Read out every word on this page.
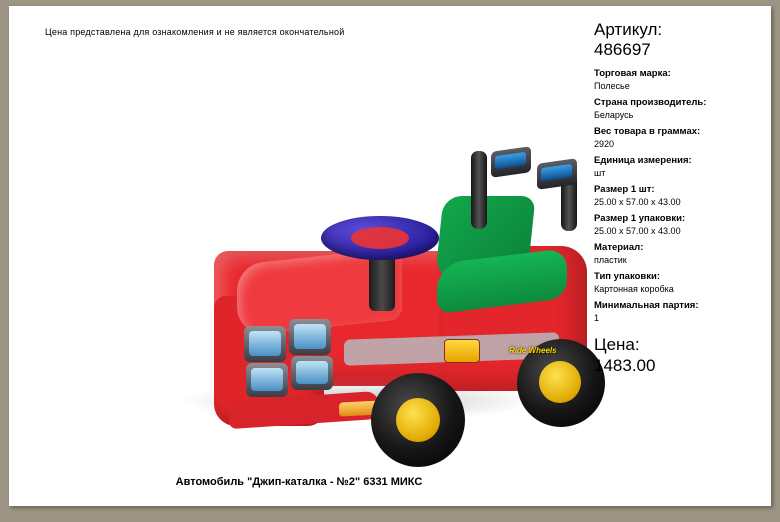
Цена представлена для ознакомления и не является окончательной
Ride Wheels
Автомобиль "Джип-каталка - №2" 6331 МИКС
Артикул:
486697
Торговая марка:
Полесье
Страна производитель:
Беларусь
Вес товара в граммах:
2920
Единица измерения:
шт
Размер 1 шт:
25.00 x 57.00 x 43.00
Размер 1 упаковки:
25.00 x 57.00 x 43.00
Материал:
пластик
Тип упаковки:
Картонная коробка
Минимальная партия:
1
Цена:
1483.00
